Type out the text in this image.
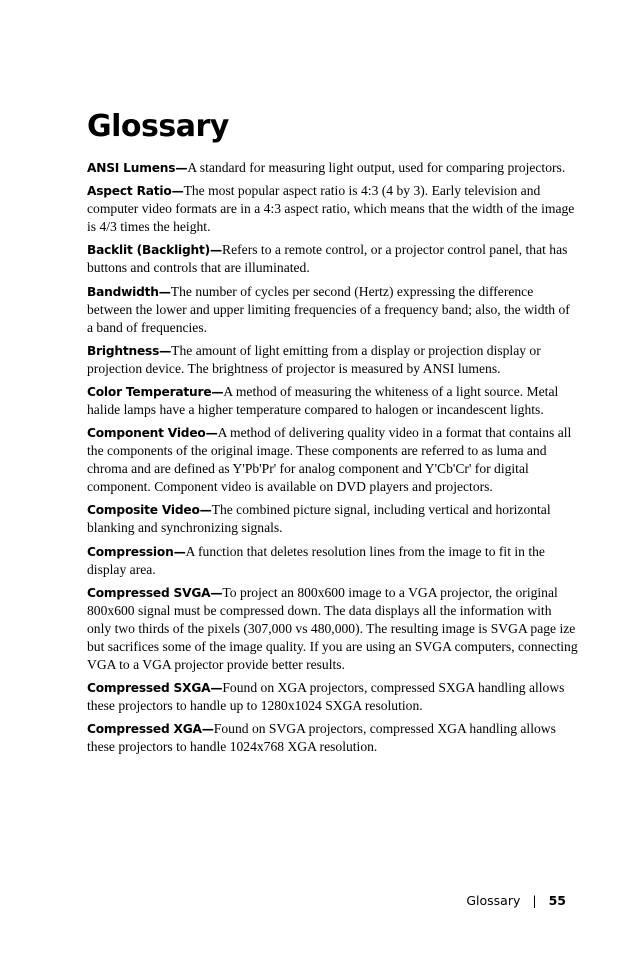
Glossary

ANSI Lumens—A standard for measuring light output, used for comparing projectors.

Aspect Ratio—The most popular aspect ratio is 4:3 (4 by 3). Early television and computer video formats are in a 4:3 aspect ratio, which means that the width of the image is 4/3 times the height.

Backlit (Backlight)—Refers to a remote control, or a projector control panel, that has buttons and controls that are illuminated.

Bandwidth—The number of cycles per second (Hertz) expressing the difference between the lower and upper limiting frequencies of a frequency band; also, the width of a band of frequencies.

Brightness—The amount of light emitting from a display or projection display or projection device. The brightness of projector is measured by ANSI lumens.

Color Temperature—A method of measuring the whiteness of a light source. Metal halide lamps have a higher temperature compared to halogen or incandescent lights.

Component Video—A method of delivering quality video in a format that contains all the components of the original image. These components are referred to as luma and chroma and are defined as Y'Pb'Pr' for analog component and Y'Cb'Cr' for digital component. Component video is available on DVD players and projectors.

Composite Video—The combined picture signal, including vertical and horizontal blanking and synchronizing signals.

Compression—A function that deletes resolution lines from the image to fit in the display area.

Compressed SVGA—To project an 800x600 image to a VGA projector, the original 800x600 signal must be compressed down. The data displays all the information with only two thirds of the pixels (307,000 vs 480,000). The resulting image is SVGA page ize but sacrifices some of the image quality. If you are using an SVGA computers, connecting VGA to a VGA projector provide better results.

Compressed SXGA—Found on XGA projectors, compressed SXGA handling allows these projectors to handle up to 1280x1024 SXGA resolution.

Compressed XGA—Found on SVGA projectors, compressed XGA handling allows these projectors to handle 1024x768 XGA resolution.

Glossary | 55
